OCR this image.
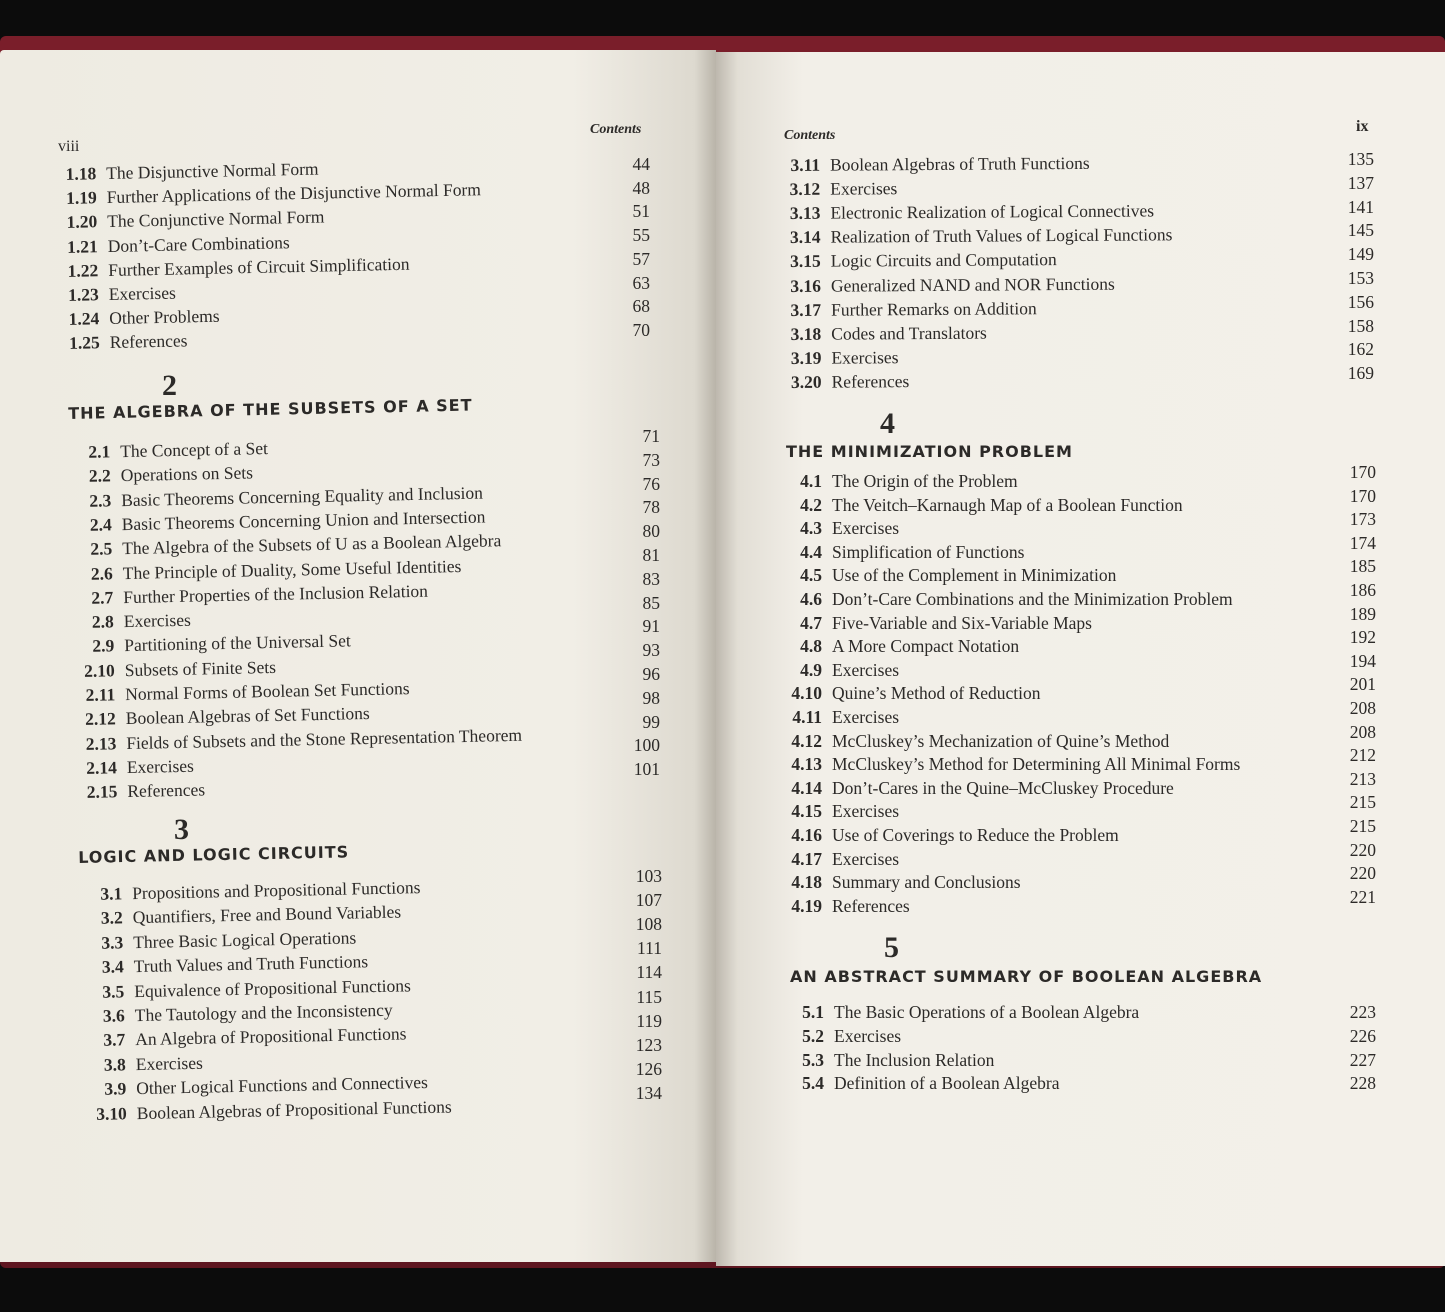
viii
Contents
1.18 The Disjunctive Normal Form
1.19 Further Applications of the Disjunctive Normal Form
1.20 The Conjunctive Normal Form
1.21 Don’t-Care Combinations
1.22 Further Examples of Circuit Simplification
1.23 Exercises
1.24 Other Problems
1.25 References
44
48
51
55
57
63
68
70
2
THE ALGEBRA OF THE SUBSETS OF A SET
2.1 The Concept of a Set
2.2 Operations on Sets
2.3 Basic Theorems Concerning Equality and Inclusion
2.4 Basic Theorems Concerning Union and Intersection
2.5 The Algebra of the Subsets of U as a Boolean Algebra
2.6 The Principle of Duality, Some Useful Identities
2.7 Further Properties of the Inclusion Relation
2.8 Exercises
2.9 Partitioning of the Universal Set
2.10 Subsets of Finite Sets
2.11 Normal Forms of Boolean Set Functions
2.12 Boolean Algebras of Set Functions
2.13 Fields of Subsets and the Stone Representation Theorem
2.14 Exercises
2.15 References
71
73
76
78
80
81
83
85
91
93
96
98
99
100
101
3
LOGIC AND LOGIC CIRCUITS
3.1 Propositions and Propositional Functions
3.2 Quantifiers, Free and Bound Variables
3.3 Three Basic Logical Operations
3.4 Truth Values and Truth Functions
3.5 Equivalence of Propositional Functions
3.6 The Tautology and the Inconsistency
3.7 An Algebra of Propositional Functions
3.8 Exercises
3.9 Other Logical Functions and Connectives
3.10 Boolean Algebras of Propositional Functions
103
107
108
111
114
115
119
123
126
134
Contents
ix
3.11 Boolean Algebras of Truth Functions
3.12 Exercises
3.13 Electronic Realization of Logical Connectives
3.14 Realization of Truth Values of Logical Functions
3.15 Logic Circuits and Computation
3.16 Generalized NAND and NOR Functions
3.17 Further Remarks on Addition
3.18 Codes and Translators
3.19 Exercises
3.20 References
135
137
141
145
149
153
156
158
162
169
4
THE MINIMIZATION PROBLEM
4.1 The Origin of the Problem
4.2 The Veitch–Karnaugh Map of a Boolean Function
4.3 Exercises
4.4 Simplification of Functions
4.5 Use of the Complement in Minimization
4.6 Don’t-Care Combinations and the Minimization Problem
4.7 Five-Variable and Six-Variable Maps
4.8 A More Compact Notation
4.9 Exercises
4.10 Quine’s Method of Reduction
4.11 Exercises
4.12 McCluskey’s Mechanization of Quine’s Method
4.13 McCluskey’s Method for Determining All Minimal Forms
4.14 Don’t-Cares in the Quine–McCluskey Procedure
4.15 Exercises
4.16 Use of Coverings to Reduce the Problem
4.17 Exercises
4.18 Summary and Conclusions
4.19 References
170
170
173
174
185
186
189
192
194
201
208
208
212
213
215
215
220
220
221
5
AN ABSTRACT SUMMARY OF BOOLEAN ALGEBRA
5.1 The Basic Operations of a Boolean Algebra
5.2 Exercises
5.3 The Inclusion Relation
5.4 Definition of a Boolean Algebra
223
226
227
228
